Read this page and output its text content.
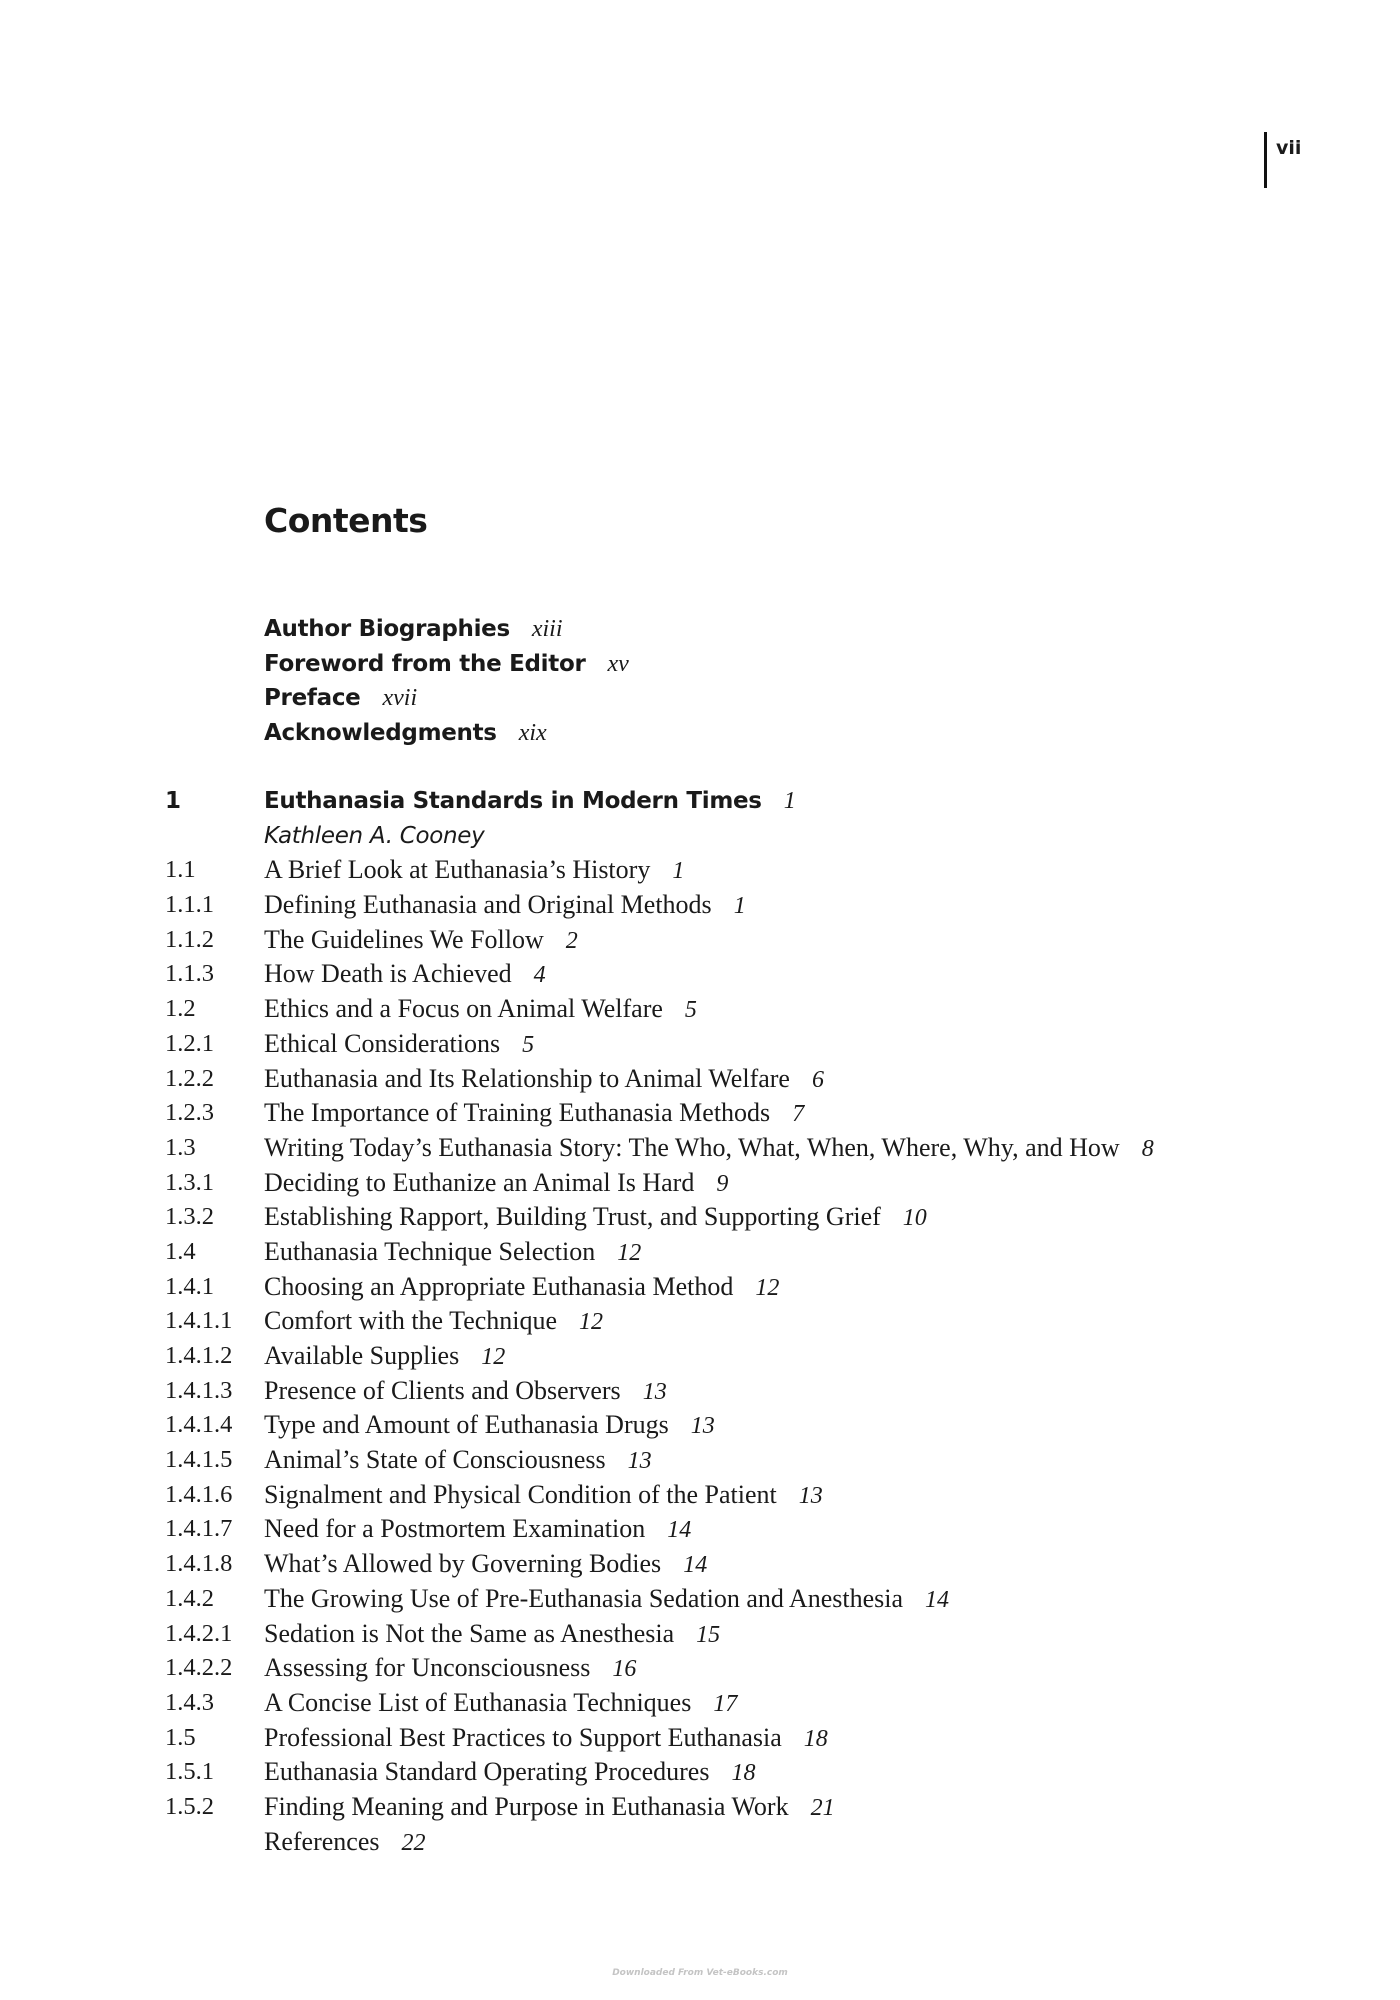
vii
Contents
Author Biographies xiii
Foreword from the Editor xv
Preface xvii
Acknowledgments xix
1	Euthanasia Standards in Modern Times 1
Kathleen A. Cooney
1.1	A Brief Look at Euthanasia’s History 1
1.1.1	Defining Euthanasia and Original Methods 1
1.1.2	The Guidelines We Follow 2
1.1.3	How Death is Achieved 4
1.2	Ethics and a Focus on Animal Welfare 5
1.2.1	Ethical Considerations 5
1.2.2	Euthanasia and Its Relationship to Animal Welfare 6
1.2.3	The Importance of Training Euthanasia Methods 7
1.3	Writing Today’s Euthanasia Story: The Who, What, When, Where, Why, and How 8
1.3.1	Deciding to Euthanize an Animal Is Hard 9
1.3.2	Establishing Rapport, Building Trust, and Supporting Grief 10
1.4	Euthanasia Technique Selection 12
1.4.1	Choosing an Appropriate Euthanasia Method 12
1.4.1.1	Comfort with the Technique 12
1.4.1.2	Available Supplies 12
1.4.1.3	Presence of Clients and Observers 13
1.4.1.4	Type and Amount of Euthanasia Drugs 13
1.4.1.5	Animal’s State of Consciousness 13
1.4.1.6	Signalment and Physical Condition of the Patient 13
1.4.1.7	Need for a Postmortem Examination 14
1.4.1.8	What’s Allowed by Governing Bodies 14
1.4.2	The Growing Use of Pre-Euthanasia Sedation and Anesthesia 14
1.4.2.1	Sedation is Not the Same as Anesthesia 15
1.4.2.2	Assessing for Unconsciousness 16
1.4.3	A Concise List of Euthanasia Techniques 17
1.5	Professional Best Practices to Support Euthanasia 18
1.5.1	Euthanasia Standard Operating Procedures 18
1.5.2	Finding Meaning and Purpose in Euthanasia Work 21
References 22
Downloaded From Vet-eBooks.com
